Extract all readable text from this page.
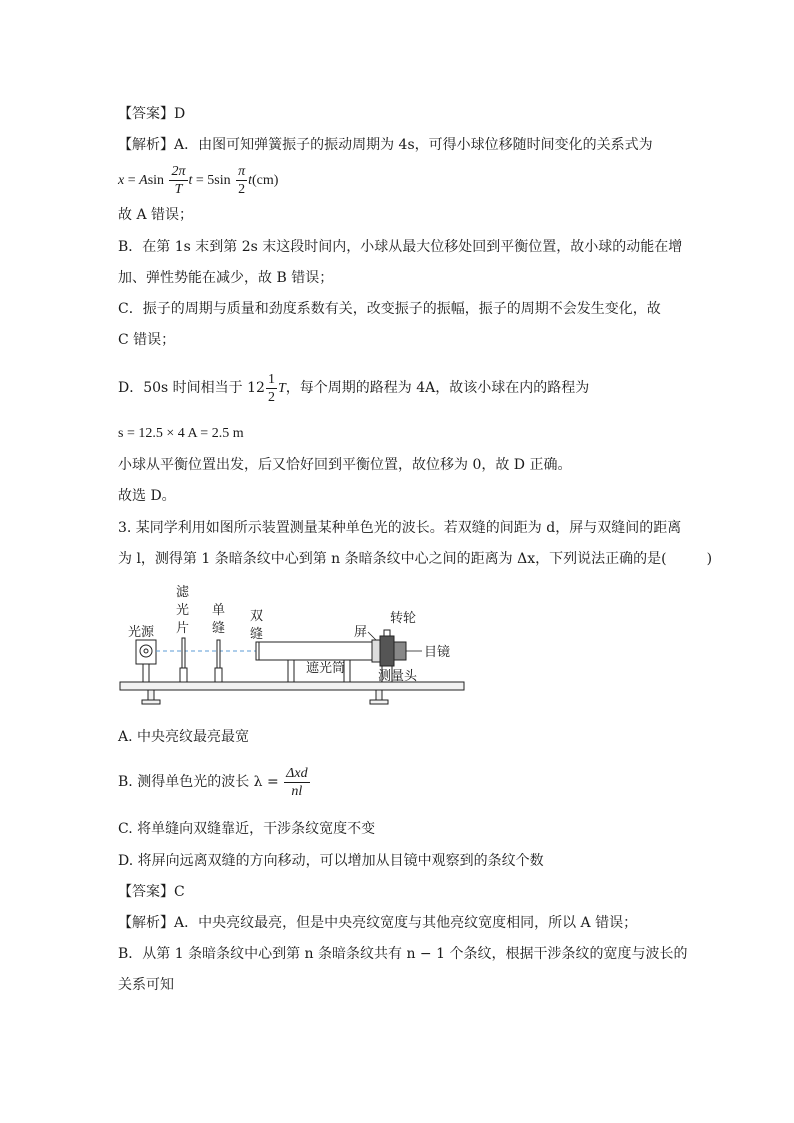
【答案】D
【解析】A．由图可知弹簧振子的振动周期为 4s，可得小球位移随时间变化的关系式为
x = Asin $\frac{2\pi}{T}$ $t = 5\sin \frac{\pi}{2} t(cm)$
故 A 错误；
B．在第 1s 末到第 2s 末这段时间内，小球从最大位移处回到平衡位置，故小球的动能在增
加、弹性势能在减少，故 B 错误；
C．振子的周期与质量和劲度系数有关，改变振子的振幅，振子的周期不会发生变化，故
C 错误；
D．50s 时间相当于 $12 \frac{1}{2}$ T，每个周期的路程为 4A，故该小球在内的路程为
s = 12.5 × 4 A = 2.5 m
小球从平衡位置出发，后又恰好回到平衡位置，故位移为 0，故 D 正确。
故选 D。
3. 某同学利用如图所示装置测量某种单色光的波长。若双缝的间距为 d，屏与双缝间的距离
为 l，测得第 1 条暗条纹中心到第 n 条暗条纹中心之间的距离为 Δx，下列说法正确的是(	)
光源
滤
光
片
单
缝
双
缝	屏
转轮
目镜
遮光筒
测量头
A. 中央亮纹最亮最宽
B. 测得单色光的波长 $\lambda = \frac{\text{Δxd}}{nl}$
C. 将单缝向双缝靠近，干涉条纹宽度不变
D. 将屏向远离双缝的方向移动，可以增加从目镜中观察到的条纹个数
【答案】C
【解析】A．中央亮纹最亮，但是中央亮纹宽度与其他亮纹宽度相同，所以 A 错误；
B．从第 1 条暗条纹中心到第 n 条暗条纹共有 n − 1 个条纹，根据干涉条纹的宽度与波长的
关系可知
